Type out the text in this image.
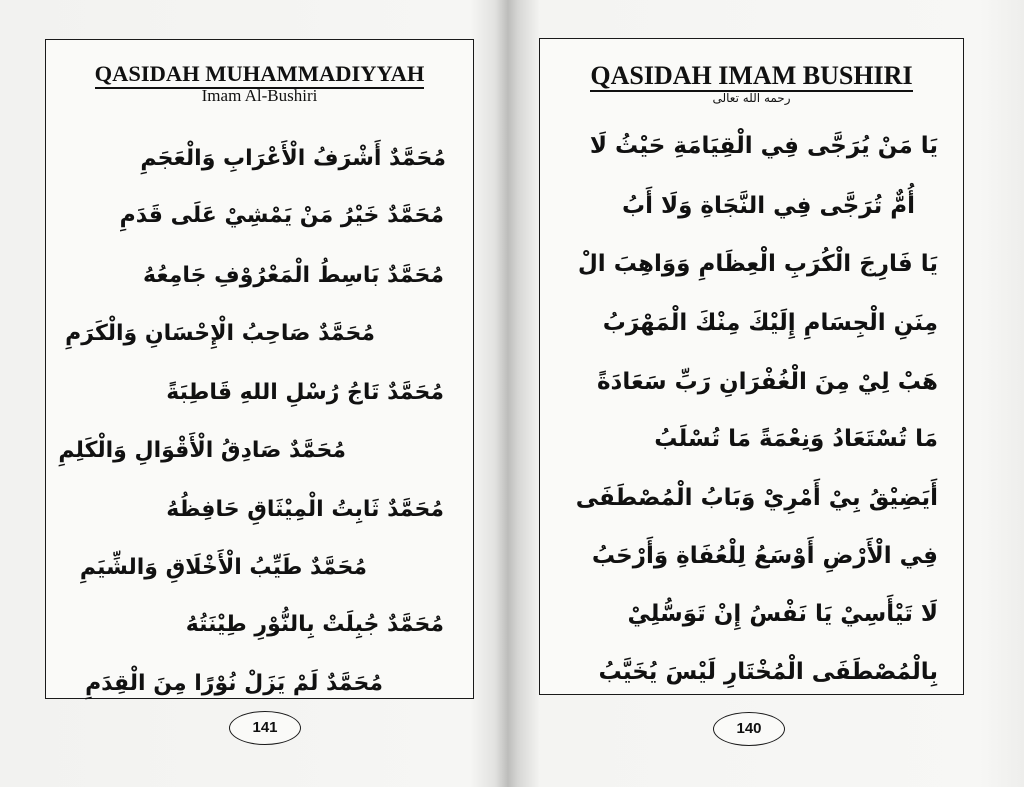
QASIDAH MUHAMMADIYYAH
Imam Al-Bushiri
مُحَمَّدٌ أَشْرَفُ الْأَعْرَابِ وَالْعَجَمِ
مُحَمَّدٌ خَيْرُ مَنْ يَمْشِيْ عَلَى قَدَمِ
مُحَمَّدٌ بَاسِطُ الْمَعْرُوْفِ جَامِعُهُ
مُحَمَّدٌ صَاحِبُ الْإِحْسَانِ وَالْكَرَمِ
مُحَمَّدٌ تَاجُ رُسْلِ اللهِ قَاطِبَةً
مُحَمَّدٌ صَادِقُ الْأَقْوَالِ وَالْكَلِمِ
مُحَمَّدٌ ثَابِتُ الْمِيْثَاقِ حَافِظُهُ
مُحَمَّدٌ طَيِّبُ الْأَخْلَاقِ وَالشِّيَمِ
مُحَمَّدٌ جُبِلَتْ بِالنُّوْرِ طِيْنَتُهُ
مُحَمَّدٌ لَمْ يَزَلْ نُوْرًا مِنَ الْقِدَمِ
141
QASIDAH IMAM BUSHIRI
رحمه الله تعالى
يَا مَنْ يُرَجَّى فِي الْقِيَامَةِ حَيْثُ لَا
أُمٌّ تُرَجَّى فِي النَّجَاةِ وَلَا أَبُ
يَا فَارِجَ الْكُرَبِ الْعِظَامِ وَوَاهِبَ الْ
مِنَنِ الْجِسَامِ إِلَيْكَ مِنْكَ الْمَهْرَبُ
هَبْ لِيْ مِنَ الْغُفْرَانِ رَبِّ سَعَادَةً
مَا تُسْتَعَادُ وَنِعْمَةً مَا تُسْلَبُ
أَيَضِيْقُ بِيْ أَمْرِيْ وَبَابُ الْمُصْطَفَى
فِي الْأَرْضِ أَوْسَعُ لِلْعُفَاةِ وَأَرْحَبُ
لَا تَيْأَسِيْ يَا نَفْسُ إِنْ تَوَسُّلِيْ
بِالْمُصْطَفَى الْمُخْتَارِ لَيْسَ يُخَيَّبُ
140
